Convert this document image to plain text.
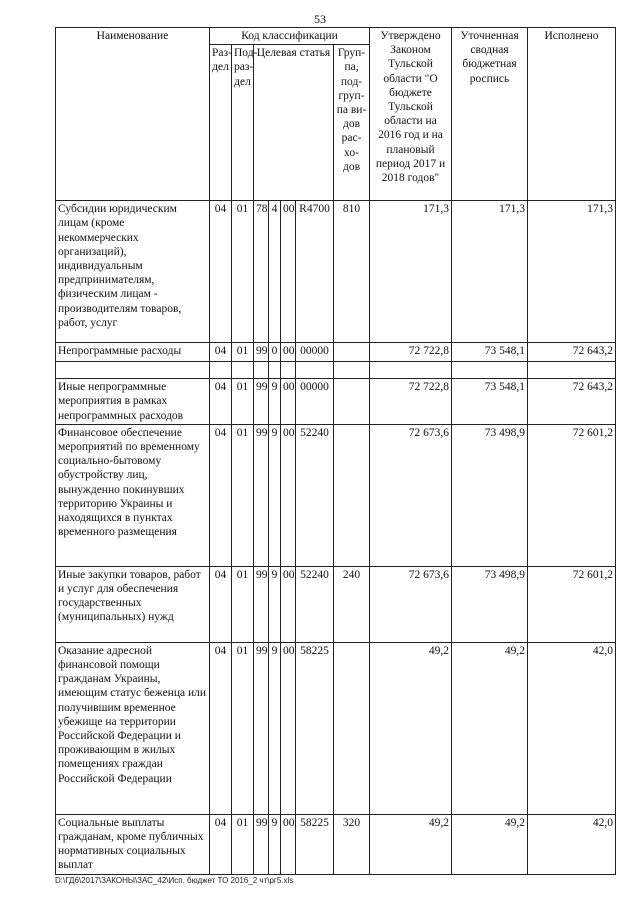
53
Наименование	Код классификации							Утверждено Законом Тульской области "О бюджете Тульской области на 2016 год и на плановый период 2017 и 2018 годов"	Уточненная сводная бюджетная роспись	Исполнено
	Раз-дел	Под-раз-дел	Целевая статья				Груп-па, под-груп-па ви-дов рас-хо-дов			
Субсидии юридическим лицам (кроме некоммерческих организаций), индивидуальным предпринимателям, физическим лицам - производителям товаров, работ, услуг	04	01	78	4	00	R4700	810	171,3	171,3	171,3
Непрограммные расходы	04	01	99	0	00	00000		72 722,8	73 548,1	72 643,2

Иные непрограммные мероприятия в рамках непрограммных расходов	04	01	99	9	00	00000		72 722,8	73 548,1	72 643,2
Финансовое обеспечение мероприятий по временному социально-бытовому обустройству лиц, вынужденно покинувших территорию Украины и находящихся в пунктах временного размещения	04	01	99	9	00	52240		72 673,6	73 498,9	72 601,2
Иные закупки товаров, работ и услуг для обеспечения государственных (муниципальных) нужд	04	01	99	9	00	52240	240	72 673,6	73 498,9	72 601,2
Оказание адресной финансовой помощи гражданам Украины, имеющим статус беженца или получившим временное убежище на территории Российской Федерации и проживающим в жилых помещениях граждан Российской Федерации	04	01	99	9	00	58225		49,2	49,2	42,0
Социальные выплаты гражданам, кроме публичных нормативных социальных выплат	04	01	99	9	00	58225	320	49,2	49,2	42,0
D:\ГД6\2017\ЗАКОНЫ\ЗАС_42\Исп. бюджет ТО 2016_2 чт\рг5.xls
